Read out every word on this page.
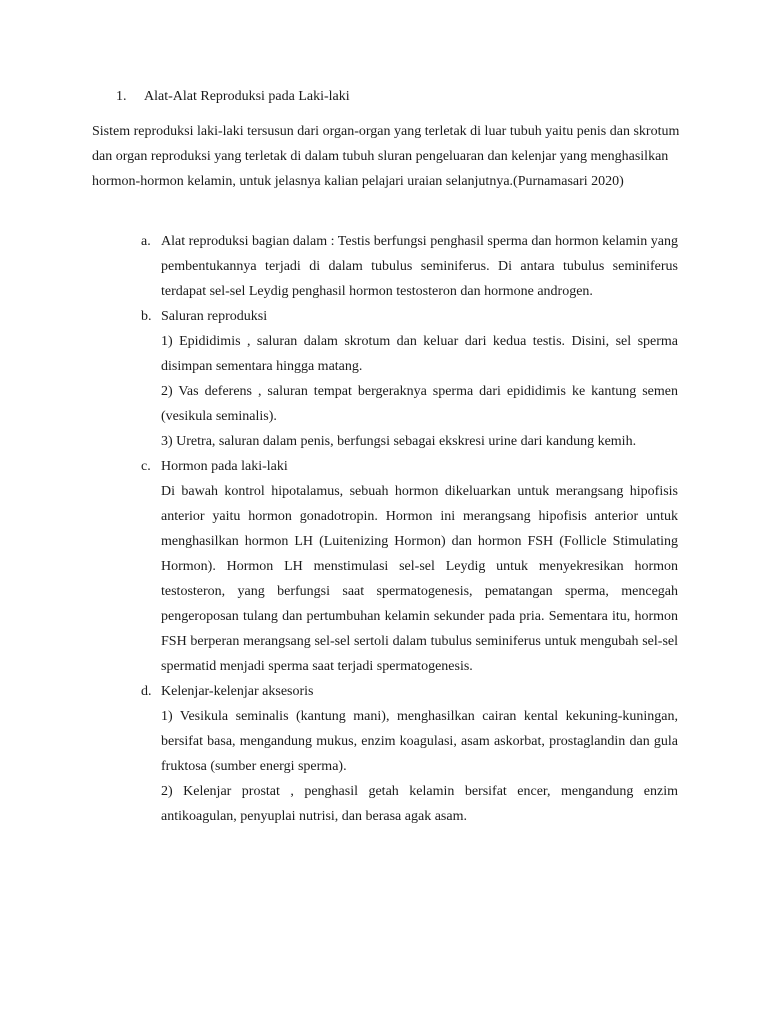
1. Alat-Alat Reproduksi pada Laki-laki
Sistem reproduksi laki-laki tersusun dari organ-organ yang terletak di luar tubuh yaitu penis dan skrotum dan organ reproduksi yang terletak di dalam tubuh sluran pengeluaran dan kelenjar yang menghasilkan hormon-hormon kelamin, untuk jelasnya kalian pelajari uraian selanjutnya.(Purnamasari 2020)
a. Alat reproduksi bagian dalam : Testis berfungsi penghasil sperma dan hormon kelamin yang pembentukannya terjadi di dalam tubulus seminiferus. Di antara tubulus seminiferus terdapat sel-sel Leydig penghasil hormon testosteron dan hormone androgen.
b. Saluran reproduksi

1) Epididimis , saluran dalam skrotum dan keluar dari kedua testis. Disini, sel sperma disimpan sementara hingga matang.

2) Vas deferens , saluran tempat bergeraknya sperma dari epididimis ke kantung semen (vesikula seminalis).

3) Uretra, saluran dalam penis, berfungsi sebagai ekskresi urine dari kandung kemih.

c. Hormon pada laki-laki

Di bawah kontrol hipotalamus, sebuah hormon dikeluarkan untuk merangsang hipofisis anterior yaitu hormon gonadotropin. Hormon ini merangsang hipofisis anterior untuk menghasilkan hormon LH (Luitenizing Hormon) dan hormon FSH (Follicle Stimulating Hormon). Hormon LH menstimulasi sel-sel Leydig untuk menyekresikan hormon testosteron, yang berfungsi saat spermatogenesis, pematangan sperma, mencegah pengeroposan tulang dan pertumbuhan kelamin sekunder pada pria. Sementara itu, hormon FSH berperan merangsang sel-sel sertoli dalam tubulus seminiferus untuk mengubah sel-sel spermatid menjadi sperma saat terjadi spermatogenesis.

d. Kelenjar-kelenjar aksesoris

1) Vesikula seminalis (kantung mani), menghasilkan cairan kental kekuning-kuningan, bersifat basa, mengandung mukus, enzim koagulasi, asam askorbat, prostaglandin dan gula fruktosa (sumber energi sperma).

2) Kelenjar prostat , penghasil getah kelamin bersifat encer, mengandung enzim antikoagulan, penyuplai nutrisi, dan berasa agak asam.
